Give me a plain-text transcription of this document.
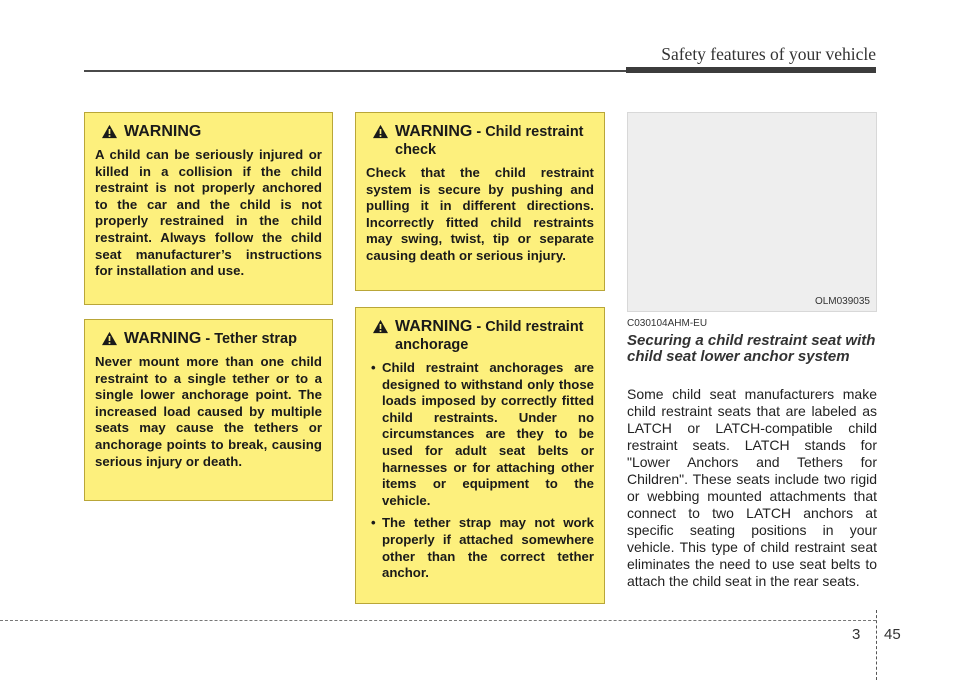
Safety features of your vehicle
WARNING
A child can be seriously injured or killed in a collision if the child restraint is not properly anchored to the car and the child is not properly restrained in the child restraint. Always follow the child seat manufacturer’s instructions for installation and use.
WARNING - Tether strap
Never mount more than one child restraint to a single tether or to a single lower anchorage point. The increased load caused by multiple seats may cause the tethers or anchorage points to break, causing serious injury or death.
WARNING - Child restraint check
Check that the child restraint system is secure by pushing and pulling it in different directions. Incorrectly fitted child restraints may swing, twist, tip or separate causing death or serious injury.
WARNING - Child restraint anchorage
• Child restraint anchorages are designed to withstand only those loads imposed by correctly fitted child restraints. Under no circumstances are they to be used for adult seat belts or harnesses or for attaching other items or equipment to the vehicle.
• The tether strap may not work properly if attached somewhere other than the correct tether anchor.
OLM039035
C030104AHM-EU
Securing a child restraint seat with child seat lower anchor system
Some child seat manufacturers make child restraint seats that are labeled as LATCH or LATCH-compatible child restraint seats. LATCH stands for "Lower Anchors and Tethers for Children". These seats include two rigid or webbing mounted attachments that connect to two LATCH anchors at specific seating positions in your vehicle. This type of child restraint seat eliminates the need to use seat belts to attach the child seat in the rear seats.
3 45
